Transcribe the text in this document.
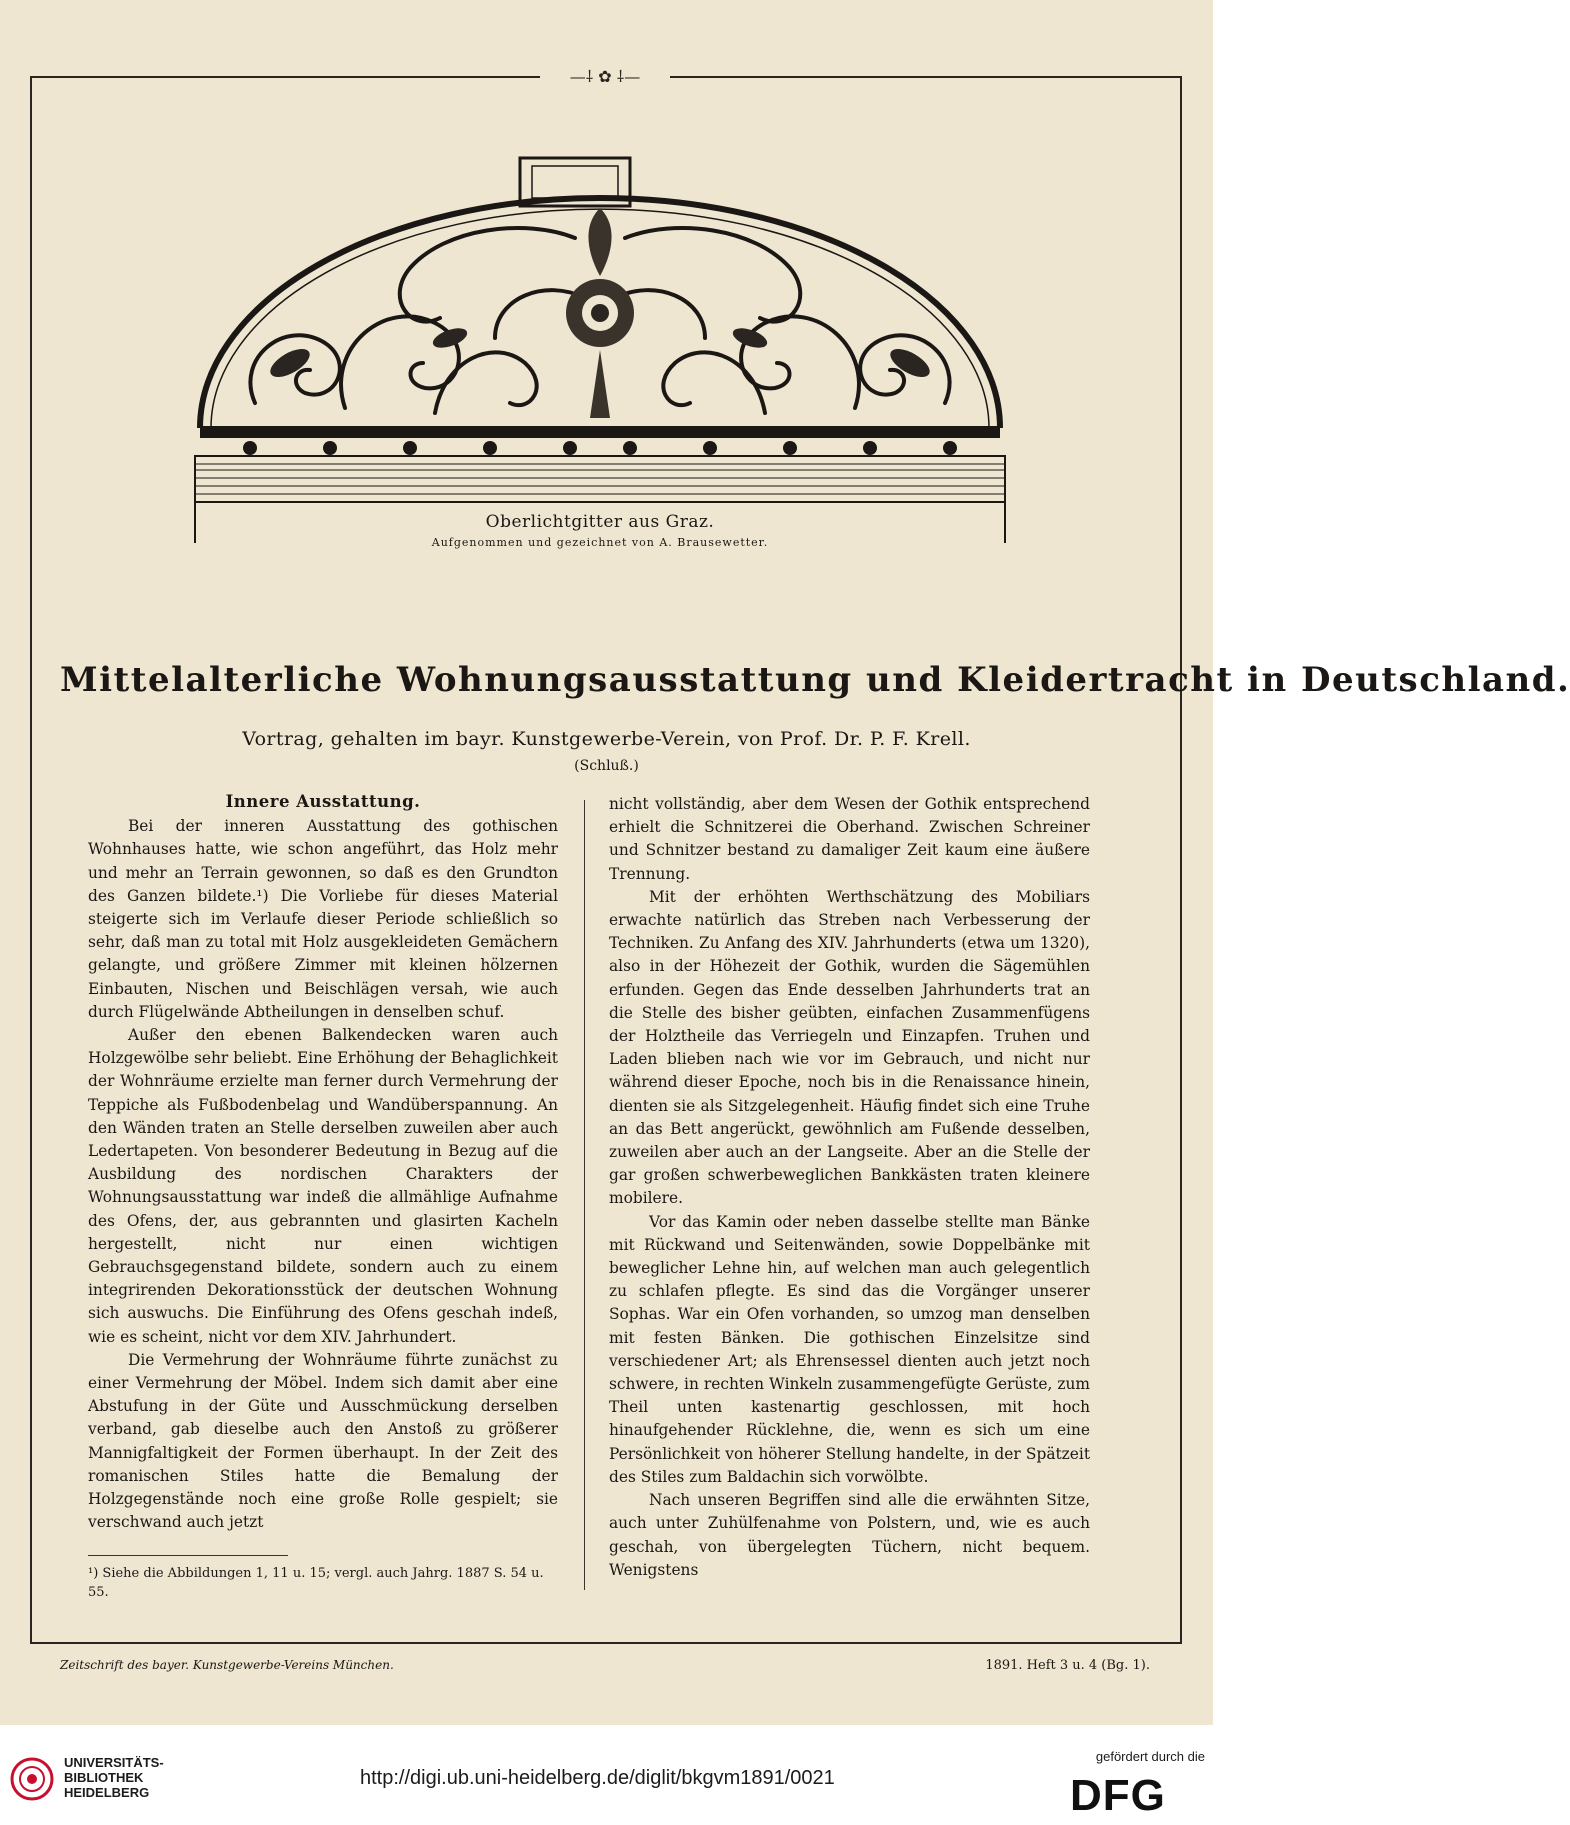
—⸸ ✿ ⸸—
Oberlichtgitter aus Graz.
Aufgenommen und gezeichnet von A. Brausewetter.
Mittelalterliche Wohnungsausstattung und Kleidertracht in Deutschland.
Vortrag, gehalten im bayr. Kunstgewerbe-Verein, von Prof. Dr. P. F. Krell.
(Schluß.)
Innere Ausstattung.

Bei der inneren Ausstattung des gothischen Wohnhauses hatte, wie schon angeführt, das Holz mehr und mehr an Terrain gewonnen, so daß es den Grundton des Ganzen bildete.¹) Die Vorliebe für dieses Material steigerte sich im Verlaufe dieser Periode schließlich so sehr, daß man zu total mit Holz ausgekleideten Gemächern gelangte, und größere Zimmer mit kleinen hölzernen Einbauten, Nischen und Beischlägen versah, wie auch durch Flügelwände Abtheilungen in denselben schuf.

Außer den ebenen Balkendecken waren auch Holzgewölbe sehr beliebt. Eine Erhöhung der Behaglichkeit der Wohnräume erzielte man ferner durch Vermehrung der Teppiche als Fußbodenbelag und Wandüberspannung. An den Wänden traten an Stelle derselben zuweilen aber auch Ledertapeten. Von besonderer Bedeutung in Bezug auf die Ausbildung des nordischen Charakters der Wohnungsausstattung war indeß die allmählige Aufnahme des Ofens, der, aus gebrannten und glasirten Kacheln hergestellt, nicht nur einen wichtigen Gebrauchsgegenstand bildete, sondern auch zu einem integrirenden Dekorationsstück der deutschen Wohnung sich auswuchs. Die Einführung des Ofens geschah indeß, wie es scheint, nicht vor dem XIV. Jahrhundert.

Die Vermehrung der Wohnräume führte zunächst zu einer Vermehrung der Möbel. Indem sich damit aber eine Abstufung in der Güte und Ausschmückung derselben verband, gab dieselbe auch den Anstoß zu größerer Mannigfaltigkeit der Formen überhaupt. In der Zeit des romanischen Stiles hatte die Bemalung der Holzgegenstände noch eine große Rolle gespielt; sie verschwand auch jetzt

¹) Siehe die Abbildungen 1, 11 u. 15; vergl. auch Jahrg. 1887 S. 54 u. 55.

nicht vollständig, aber dem Wesen der Gothik entsprechend erhielt die Schnitzerei die Oberhand. Zwischen Schreiner und Schnitzer bestand zu damaliger Zeit kaum eine äußere Trennung.

Mit der erhöhten Werthschätzung des Mobiliars erwachte natürlich das Streben nach Verbesserung der Techniken. Zu Anfang des XIV. Jahrhunderts (etwa um 1320), also in der Höhezeit der Gothik, wurden die Sägemühlen erfunden. Gegen das Ende desselben Jahrhunderts trat an die Stelle des bisher geübten, einfachen Zusammenfügens der Holztheile das Verriegeln und Einzapfen. Truhen und Laden blieben nach wie vor im Gebrauch, und nicht nur während dieser Epoche, noch bis in die Renaissance hinein, dienten sie als Sitzgelegenheit. Häufig findet sich eine Truhe an das Bett angerückt, gewöhnlich am Fußende desselben, zuweilen aber auch an der Langseite. Aber an die Stelle der gar großen schwerbeweglichen Bankkästen traten kleinere mobilere.

Vor das Kamin oder neben dasselbe stellte man Bänke mit Rückwand und Seitenwänden, sowie Doppelbänke mit beweglicher Lehne hin, auf welchen man auch gelegentlich zu schlafen pflegte. Es sind das die Vorgänger unserer Sophas. War ein Ofen vorhanden, so umzog man denselben mit festen Bänken. Die gothischen Einzelsitze sind verschiedener Art; als Ehrensessel dienten auch jetzt noch schwere, in rechten Winkeln zusammengefügte Gerüste, zum Theil unten kastenartig geschlossen, mit hoch hinaufgehender Rücklehne, die, wenn es sich um eine Persönlichkeit von höherer Stellung handelte, in der Spätzeit des Stiles zum Baldachin sich vorwölbte.

Nach unseren Begriffen sind alle die erwähnten Sitze, auch unter Zuhülfenahme von Polstern, und, wie es auch geschah, von übergelegten Tüchern, nicht bequem. Wenigstens

Zeitschrift des bayer. Kunstgewerbe-Vereins München.	1891. Heft 3 u. 4 (Bg. 1).
UNIVERSITÄTS-
BIBLIOTHEK
HEIDELBERG
http://digi.ub.uni-heidelberg.de/diglit/bkgvm1891/0021
gefördert durch die
DFG
